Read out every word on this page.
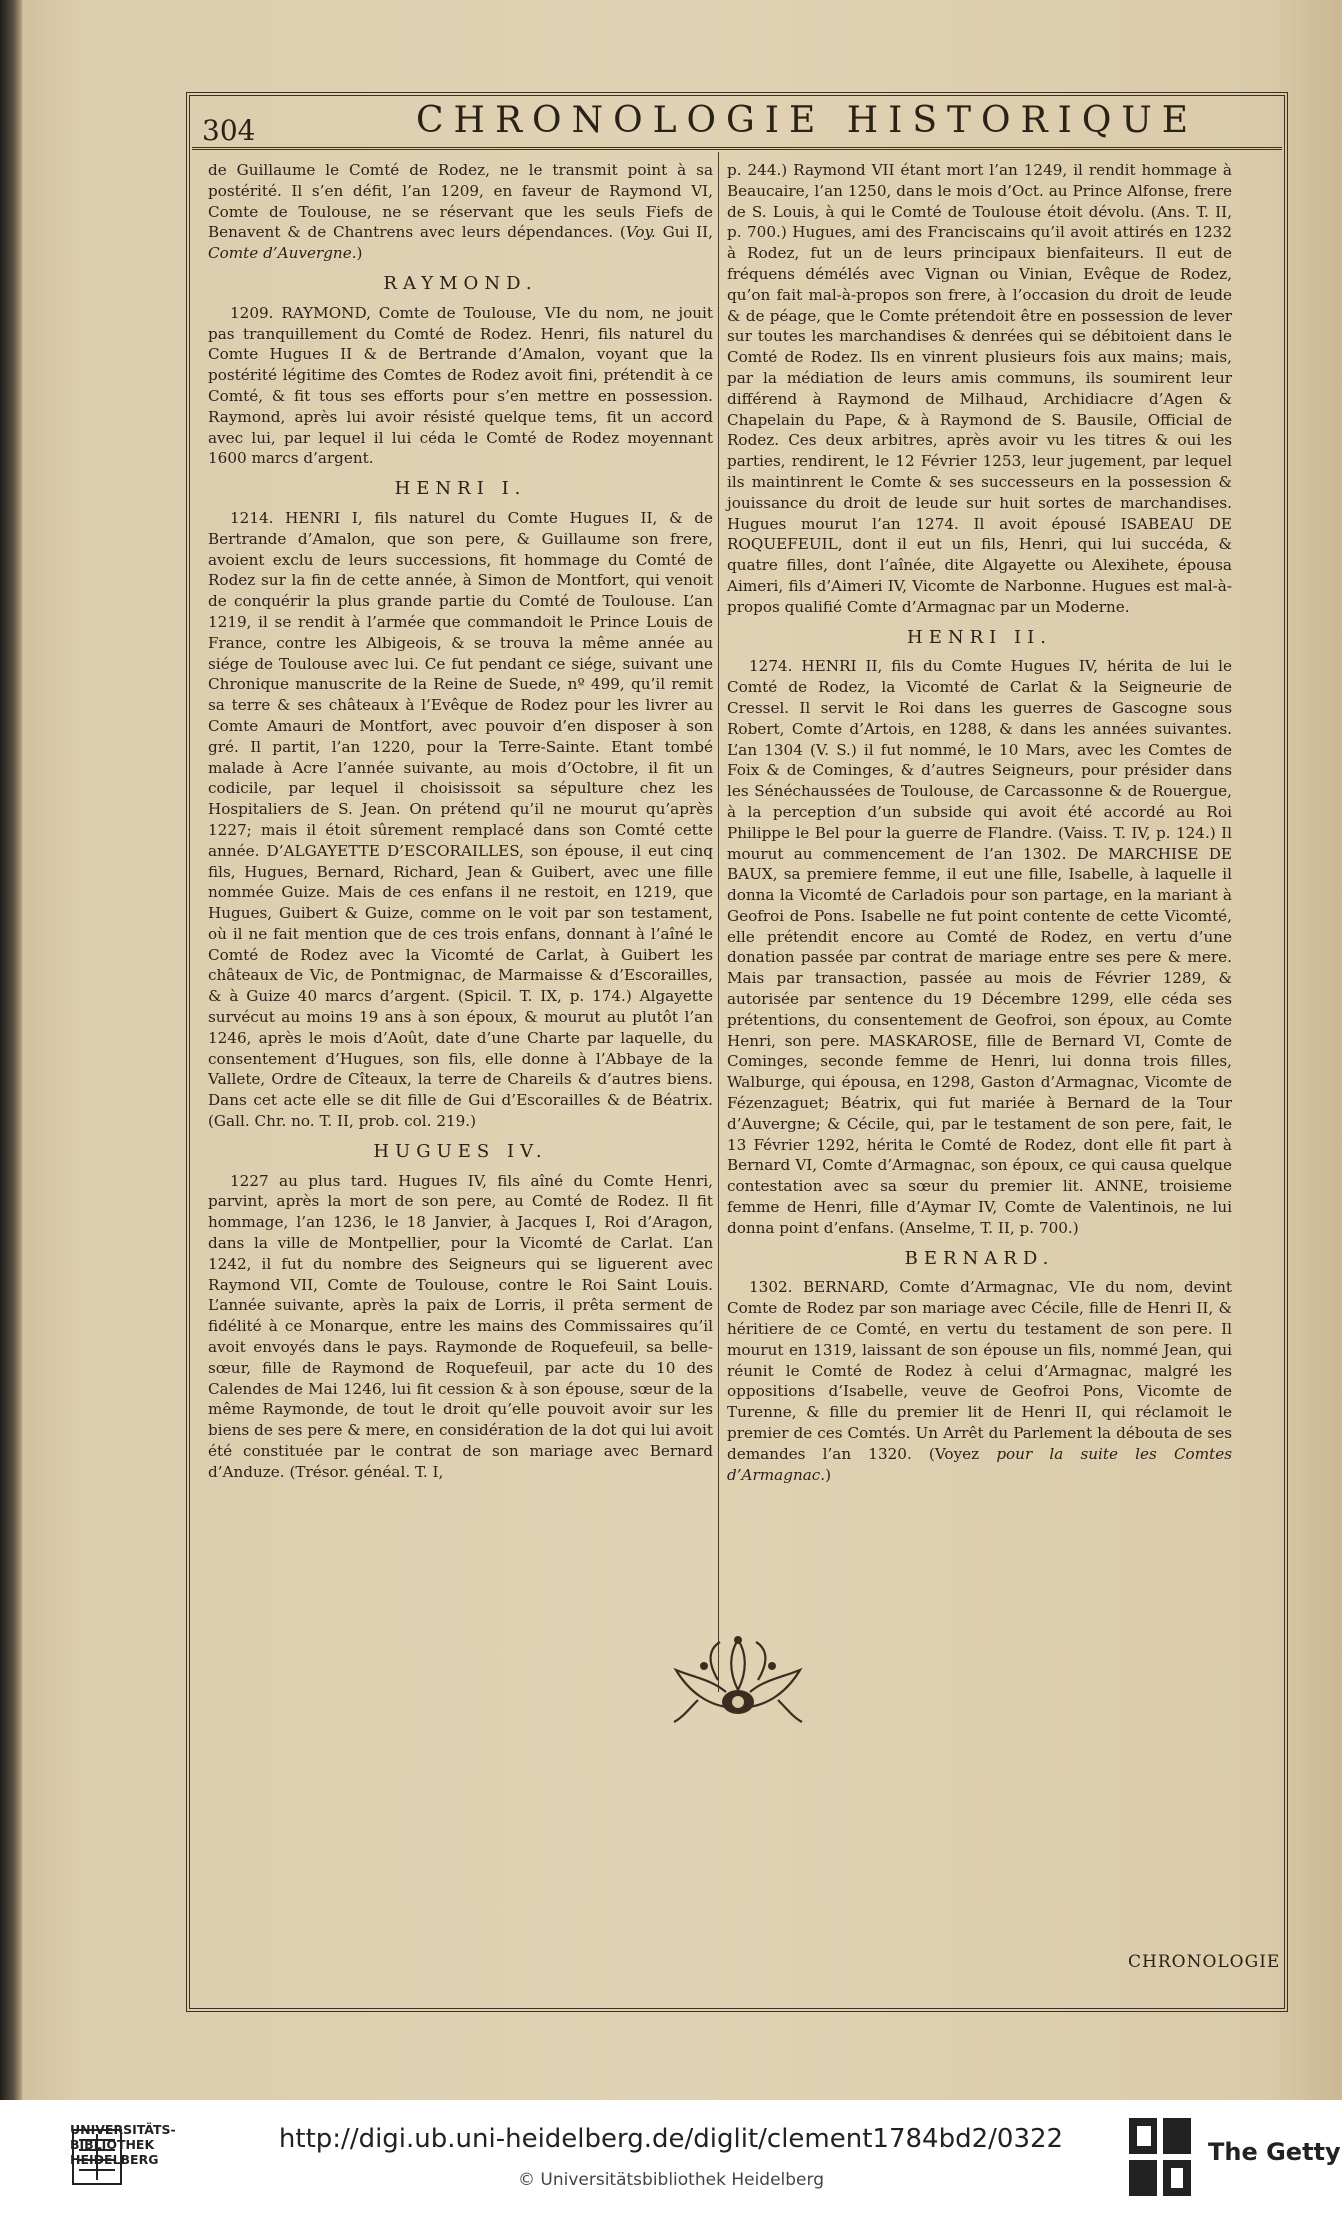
304	CHRONOLOGIE HISTORIQUE

de Guillaume le Comté de Rodez, ne le transmit point à sa postérité. Il s’en défit, l’an 1209, en faveur de Raymond VI, Comte de Toulouse, ne se réservant que les seuls Fiefs de Benavent & de Chantrens avec leurs dépendances. (Voy. Gui II, Comte d’Auvergne.)

RAYMOND.

1209. RAYMOND, Comte de Toulouse, VIe du nom, ne jouit pas tranquillement du Comté de Rodez. Henri, fils naturel du Comte Hugues II & de Bertrande d’Amalon, voyant que la postérité légitime des Comtes de Rodez avoit fini, prétendit à ce Comté, & fit tous ses efforts pour s’en mettre en possession. Raymond, après lui avoir résisté quelque tems, fit un accord avec lui, par lequel il lui céda le Comté de Rodez moyennant 1600 marcs d’argent.

HENRI I.

1214. HENRI I, fils naturel du Comte Hugues II, & de Bertrande d’Amalon, que son pere, & Guillaume son frere, avoient exclu de leurs successions, fit hommage du Comté de Rodez sur la fin de cette année, à Simon de Montfort, qui venoit de conquérir la plus grande partie du Comté de Toulouse. L’an 1219, il se rendit à l’armée que commandoit le Prince Louis de France, contre les Albigeois, & se trouva la même année au siége de Toulouse avec lui. Ce fut pendant ce siége, suivant une Chronique manuscrite de la Reine de Suede, nº 499, qu’il remit sa terre & ses châteaux à l’Evêque de Rodez pour les livrer au Comte Amauri de Montfort, avec pouvoir d’en disposer à son gré. Il partit, l’an 1220, pour la Terre-Sainte. Etant tombé malade à Acre l’année suivante, au mois d’Octobre, il fit un codicile, par lequel il choisissoit sa sépulture chez les Hospitaliers de S. Jean. On prétend qu’il ne mourut qu’après 1227; mais il étoit sûrement remplacé dans son Comté cette année. D’ALGAYETTE D’ESCORAILLES, son épouse, il eut cinq fils, Hugues, Bernard, Richard, Jean & Guibert, avec une fille nommée Guize. Mais de ces enfans il ne restoit, en 1219, que Hugues, Guibert & Guize, comme on le voit par son testament, où il ne fait mention que de ces trois enfans, donnant à l’aîné le Comté de Rodez avec la Vicomté de Carlat, à Guibert les châteaux de Vic, de Pontmignac, de Marmaisse & d’Escorailles, & à Guize 40 marcs d’argent. (Spicil. T. IX, p. 174.) Algayette survécut au moins 19 ans à son époux, & mourut au plutôt l’an 1246, après le mois d’Août, date d’une Charte par laquelle, du consentement d’Hugues, son fils, elle donne à l’Abbaye de la Vallete, Ordre de Cîteaux, la terre de Chareils & d’autres biens. Dans cet acte elle se dit fille de Gui d’Escorailles & de Béatrix. (Gall. Chr. no. T. II, prob. col. 219.)

HUGUES IV.

1227 au plus tard. Hugues IV, fils aîné du Comte Henri, parvint, après la mort de son pere, au Comté de Rodez. Il fit hommage, l’an 1236, le 18 Janvier, à Jacques I, Roi d’Aragon, dans la ville de Montpellier, pour la Vicomté de Carlat. L’an 1242, il fut du nombre des Seigneurs qui se liguerent avec Raymond VII, Comte de Toulouse, contre le Roi Saint Louis. L’année suivante, après la paix de Lorris, il prêta serment de fidélité à ce Monarque, entre les mains des Commissaires qu’il avoit envoyés dans le pays. Raymonde de Roquefeuil, sa belle-sœur, fille de Raymond de Roquefeuil, par acte du 10 des Calendes de Mai 1246, lui fit cession & à son épouse, sœur de la même Raymonde, de tout le droit qu’elle pouvoit avoir sur les biens de ses pere & mere, en considération de la dot qui lui avoit été constituée par le contrat de son mariage avec Bernard d’Anduze. (Trésor. généal. T. I,

p. 244.) Raymond VII étant mort l’an 1249, il rendit hommage à Beaucaire, l’an 1250, dans le mois d’Oct. au Prince Alfonse, frere de S. Louis, à qui le Comté de Toulouse étoit dévolu. (Ans. T. II, p. 700.) Hugues, ami des Franciscains qu’il avoit attirés en 1232 à Rodez, fut un de leurs principaux bienfaiteurs. Il eut de fréquens démélés avec Vignan ou Vinian, Evêque de Rodez, qu’on fait mal-à-propos son frere, à l’occasion du droit de leude & de péage, que le Comte prétendoit être en possession de lever sur toutes les marchandises & denrées qui se débitoient dans le Comté de Rodez. Ils en vinrent plusieurs fois aux mains; mais, par la médiation de leurs amis communs, ils soumirent leur différend à Raymond de Milhaud, Archidiacre d’Agen & Chapelain du Pape, & à Raymond de S. Bausile, Official de Rodez. Ces deux arbitres, après avoir vu les titres & oui les parties, rendirent, le 12 Février 1253, leur jugement, par lequel ils maintinrent le Comte & ses successeurs en la possession & jouissance du droit de leude sur huit sortes de marchandises. Hugues mourut l’an 1274. Il avoit épousé ISABEAU DE ROQUEFEUIL, dont il eut un fils, Henri, qui lui succéda, & quatre filles, dont l’aînée, dite Algayette ou Alexihete, épousa Aimeri, fils d’Aimeri IV, Vicomte de Narbonne. Hugues est mal-à-propos qualifié Comte d’Armagnac par un Moderne.

HENRI II.

1274. HENRI II, fils du Comte Hugues IV, hérita de lui le Comté de Rodez, la Vicomté de Carlat & la Seigneurie de Cressel. Il servit le Roi dans les guerres de Gascogne sous Robert, Comte d’Artois, en 1288, & dans les années suivantes. L’an 1304 (V. S.) il fut nommé, le 10 Mars, avec les Comtes de Foix & de Cominges, & d’autres Seigneurs, pour présider dans les Sénéchaussées de Toulouse, de Carcassonne & de Rouergue, à la perception d’un subside qui avoit été accordé au Roi Philippe le Bel pour la guerre de Flandre. (Vaiss. T. IV, p. 124.) Il mourut au commencement de l’an 1302. De MARCHISE DE BAUX, sa premiere femme, il eut une fille, Isabelle, à laquelle il donna la Vicomté de Carladois pour son partage, en la mariant à Geofroi de Pons. Isabelle ne fut point contente de cette Vicomté, elle prétendit encore au Comté de Rodez, en vertu d’une donation passée par contrat de mariage entre ses pere & mere. Mais par transaction, passée au mois de Février 1289, & autorisée par sentence du 19 Décembre 1299, elle céda ses prétentions, du consentement de Geofroi, son époux, au Comte Henri, son pere. MASKAROSE, fille de Bernard VI, Comte de Cominges, seconde femme de Henri, lui donna trois filles, Walburge, qui épousa, en 1298, Gaston d’Armagnac, Vicomte de Fézenzaguet; Béatrix, qui fut mariée à Bernard de la Tour d’Auvergne; & Cécile, qui, par le testament de son pere, fait, le 13 Février 1292, hérita le Comté de Rodez, dont elle fit part à Bernard VI, Comte d’Armagnac, son époux, ce qui causa quelque contestation avec sa sœur du premier lit. ANNE, troisieme femme de Henri, fille d’Aymar IV, Comte de Valentinois, ne lui donna point d’enfans. (Anselme, T. II, p. 700.)

BERNARD.

1302. BERNARD, Comte d’Armagnac, VIe du nom, devint Comte de Rodez par son mariage avec Cécile, fille de Henri II, & héritiere de ce Comté, en vertu du testament de son pere. Il mourut en 1319, laissant de son épouse un fils, nommé Jean, qui réunit le Comté de Rodez à celui d’Armagnac, malgré les oppositions d’Isabelle, veuve de Geofroi Pons, Vicomte de Turenne, & fille du premier lit de Henri II, qui réclamoit le premier de ces Comtés. Un Arrêt du Parlement la débouta de ses demandes l’an 1320. (Voyez pour la suite les Comtes d’Armagnac.)

CHRONOLOGIE
UNIVERSITÄTS- BIBLIOTHEK HEIDELBERG
http://digi.ub.uni-heidelberg.de/diglit/clement1784bd2/0322
© Universitätsbibliothek Heidelberg
The Getty
